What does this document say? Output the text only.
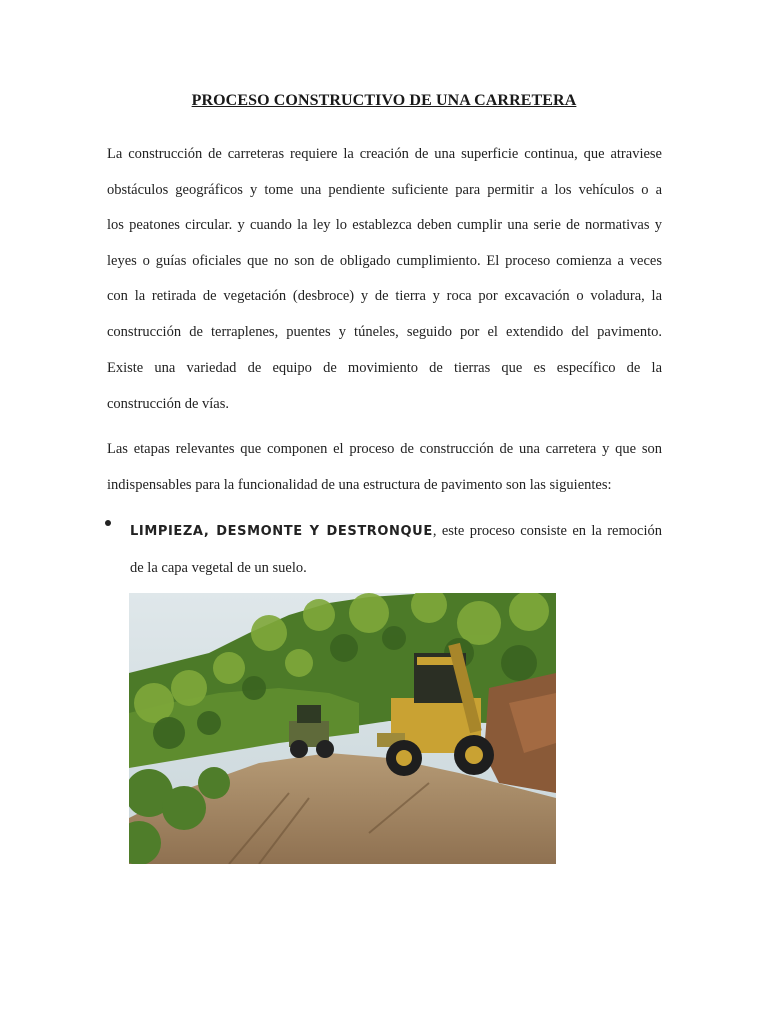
PROCESO CONSTRUCTIVO DE UNA CARRETERA

La construcción de carreteras requiere la creación de una superficie continua, que atraviese

obstáculos geográficos y tome una pendiente suficiente para permitir a los vehículos o a

los peatones circular. y cuando la ley lo establezca deben cumplir una serie de normativas y

leyes o guías oficiales que no son de obligado cumplimiento. El proceso comienza a veces

con la retirada de vegetación (desbroce) y de tierra y roca por excavación o voladura, la

construcción de terraplenes, puentes y túneles, seguido por el extendido del pavimento.

Existe una variedad de equipo de movimiento de tierras que es específico de la

construcción de vías.

Las etapas relevantes que componen el proceso de construcción de una carretera y que son

indispensables para la funcionalidad de una estructura de pavimento son las siguientes:

LIMPIEZA, DESMONTE Y DESTRONQUE, este proceso consiste en la remoción

de la capa vegetal de un suelo.
